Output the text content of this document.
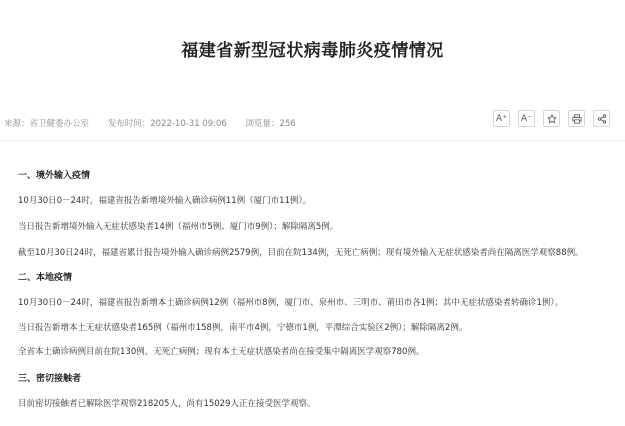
福建省新型冠状病毒肺炎疫情情况
来源：省卫健委办公室 发布时间：2022-10-31 09:06 浏览量：256
A⁺	A⁻
一、境外输入疫情
10月30日0－24时，福建省报告新增境外输入确诊病例11例（厦门市11例）。
当日报告新增境外输入无症状感染者14例（福州市5例、厦门市9例）；解除隔离5例。
截至10月30日24时，福建省累计报告境外输入确诊病例2579例，目前在院134例，无死亡病例；现有境外输入无症状感染者尚在隔离医学观察88例。
二、本地疫情
10月30日0－24时，福建省报告新增本土确诊病例12例（福州市8例，厦门市、泉州市、三明市、莆田市各1例；其中无症状感染者转确诊1例）。
当日报告新增本土无症状感染者165例（福州市158例，南平市4例，宁德市1例，平潭综合实验区2例）；解除隔离2例。
全省本土确诊病例目前在院130例，无死亡病例；现有本土无症状感染者尚在接受集中隔离医学观察780例。
三、密切接触者
目前密切接触者已解除医学观察218205人，尚有15029人正在接受医学观察。
